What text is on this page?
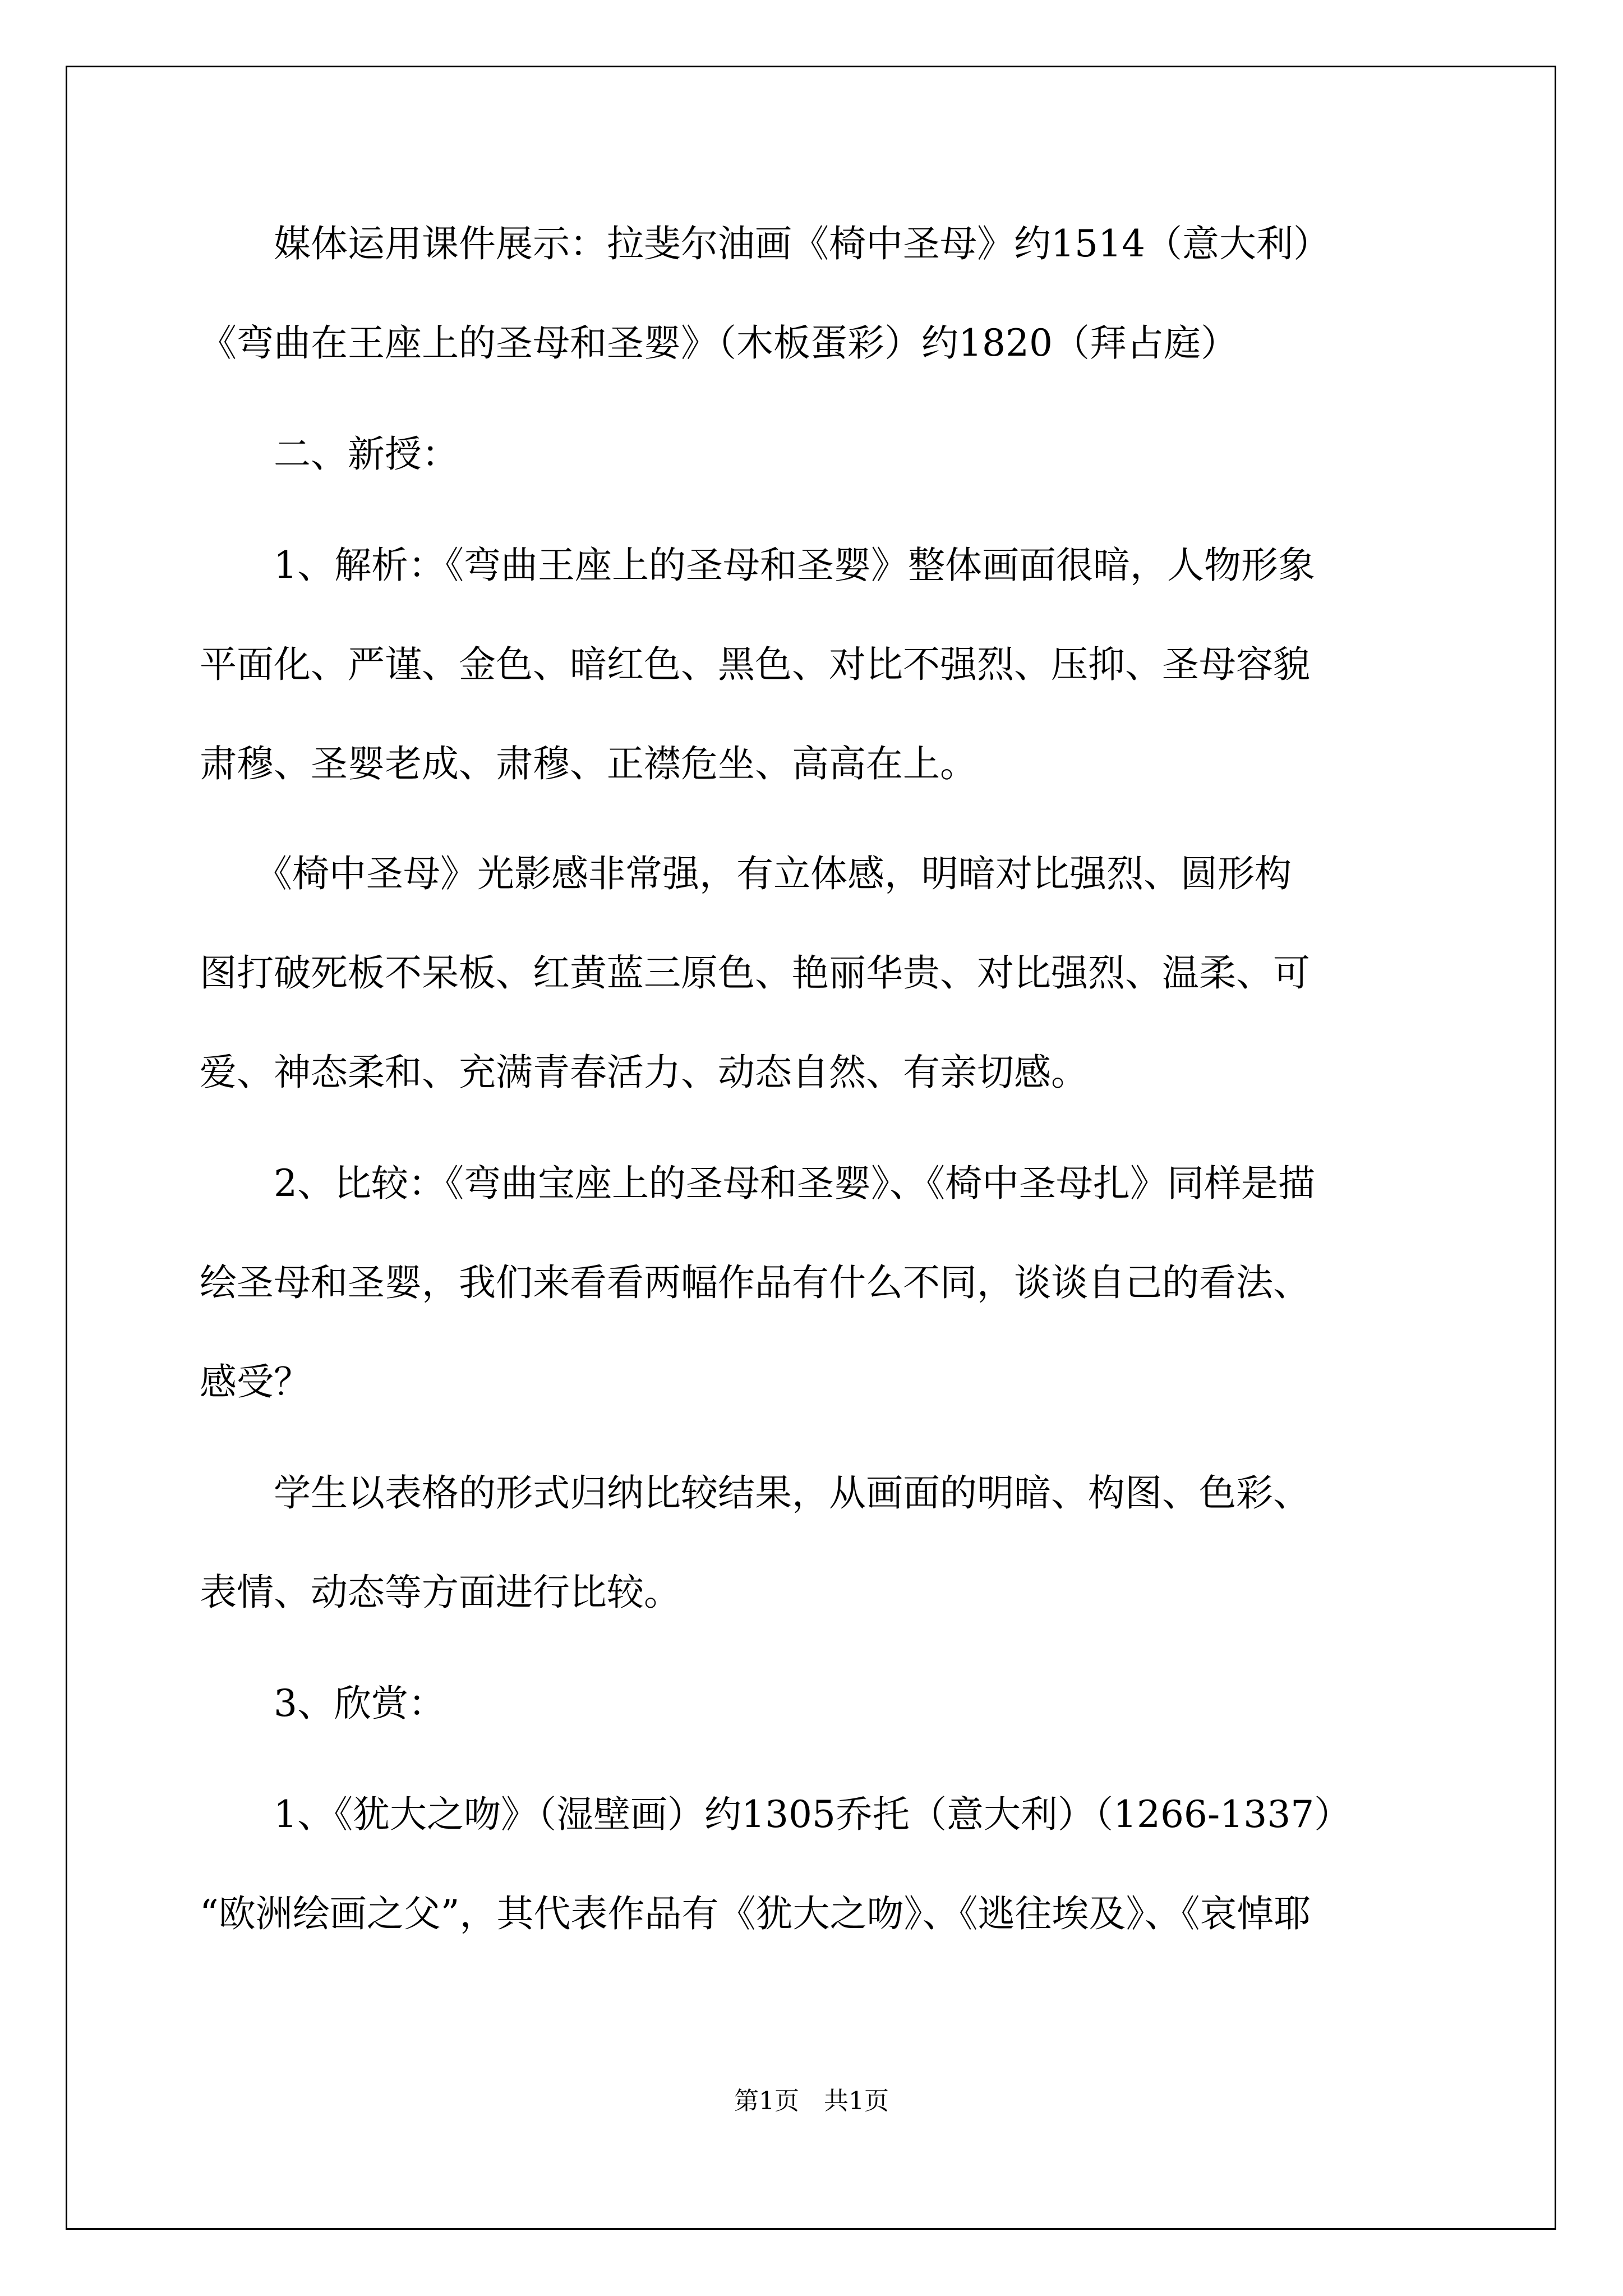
　　媒体运用课件展示：拉斐尔油画《椅中圣母》约1514（意大利）
《弯曲在王座上的圣母和圣婴》（木板蛋彩）约1820（拜占庭）
　　二、新授：
　　1、解析：《弯曲王座上的圣母和圣婴》整体画面很暗，人物形象
平面化、严谨、金色、暗红色、黑色、对比不强烈、压抑、圣母容貌
肃穆、圣婴老成、肃穆、正襟危坐、高高在上。
　　《椅中圣母》光影感非常强，有立体感，明暗对比强烈、圆形构
图打破死板不呆板、红黄蓝三原色、艳丽华贵、对比强烈、温柔、可
爱、神态柔和、充满青春活力、动态自然、有亲切感。
　　2、比较：《弯曲宝座上的圣母和圣婴》、《椅中圣母扎》同样是描
绘圣母和圣婴，我们来看看两幅作品有什么不同，谈谈自己的看法、
感受？
　　学生以表格的形式归纳比较结果，从画面的明暗、构图、色彩、
表情、动态等方面进行比较。
　　3、欣赏：
　　1、《犹大之吻》（湿壁画）约1305乔托（意大利）（1266-1337）
“欧洲绘画之父”，其代表作品有《犹大之吻》、《逃往埃及》、《哀悼耶
第1页　共1页
